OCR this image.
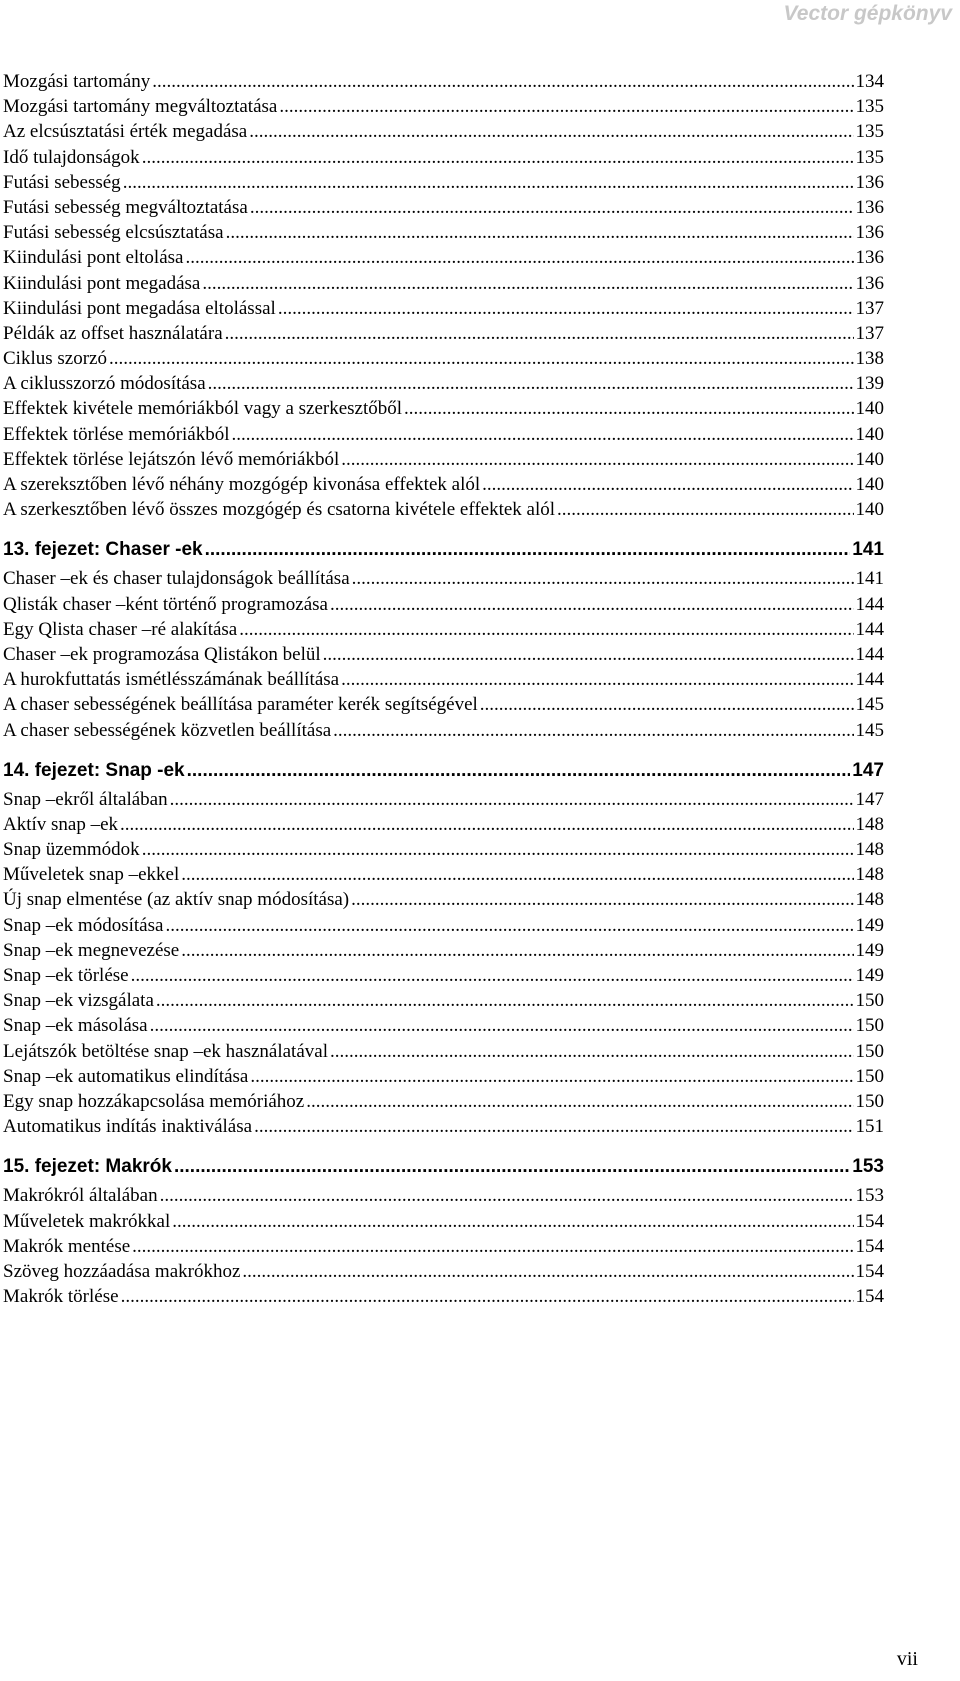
Vector gépkönyv
Mozgási tartomány .....	134
Mozgási tartomány megváltoztatása .....	135
Az elcsúsztatási érték megadása .....	135
Idő tulajdonságok .....	135
Futási sebesség .....	136
Futási sebesség megváltoztatása .....	136
Futási sebesség elcsúsztatása .....	136
Kiindulási pont eltolása .....	136
Kiindulási pont megadása .....	136
Kiindulási pont megadása eltolással .....	137
Példák az offset használatára .....	137
Ciklus szorzó .....	138
A ciklusszorzó módosítása .....	139
Effektek kivétele memóriákból vagy a szerkesztőből .....	140
Effektek törlése memóriákból .....	140
Effektek törlése lejátszón lévő memóriákból .....	140
A szereksztőben lévő néhány mozgógép kivonása effektek alól .....	140
A szerkesztőben lévő összes mozgógép és csatorna kivétele effektek alól .....	140
13. fejezet: Chaser -ek .....	141
Chaser –ek és chaser tulajdonságok beállítása .....	141
Qlisták chaser –ként történő programozása .....	144
Egy Qlista chaser –ré alakítása .....	144
Chaser –ek programozása Qlistákon belül .....	144
A hurokfuttatás ismétlésszámának beállítása .....	144
A chaser sebességének beállítása paraméter kerék segítségével .....	145
A chaser sebességének közvetlen beállítása .....	145
14. fejezet: Snap -ek .....	147
Snap –ekről általában .....	147
Aktív snap –ek .....	148
Snap üzemmódok .....	148
Műveletek snap –ekkel .....	148
Új snap elmentése (az aktív snap módosítása) .....	148
Snap –ek módosítása .....	149
Snap –ek megnevezése .....	149
Snap –ek törlése .....	149
Snap –ek vizsgálata .....	150
Snap –ek másolása .....	150
Lejátszók betöltése snap –ek használatával .....	150
Snap –ek automatikus elindítása .....	150
Egy snap hozzákapcsolása memóriához .....	150
Automatikus indítás inaktiválása .....	151
15. fejezet: Makrók .....	153
Makrókról általában .....	153
Műveletek makrókkal .....	154
Makrók mentése .....	154
Szöveg hozzáadása makrókhoz .....	154
Makrók törlése .....	154
vii
